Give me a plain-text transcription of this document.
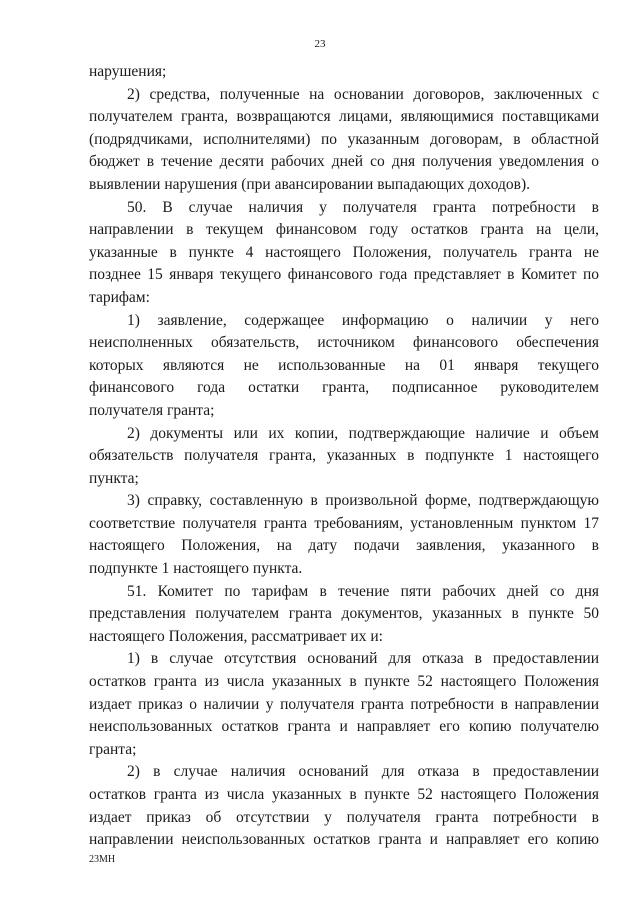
23
нарушения;
2) средства, полученные на основании договоров, заключенных с
получателем гранта, возвращаются лицами, являющимися поставщиками
(подрядчиками, исполнителями) по указанным договорам, в областной
бюджет в течение десяти рабочих дней со дня получения уведомления о
выявлении нарушения (при авансировании выпадающих доходов).
50. В случае наличия у получателя гранта потребности в
направлении в текущем финансовом году остатков гранта на цели,
указанные в пункте 4 настоящего Положения, получатель гранта не
позднее 15 января текущего финансового года представляет в Комитет по
тарифам:
1) заявление, содержащее информацию о наличии у него
неисполненных обязательств, источником финансового обеспечения
которых являются не использованные на 01 января текущего
финансового года остатки гранта, подписанное руководителем
получателя гранта;
2) документы или их копии, подтверждающие наличие и объем
обязательств получателя гранта, указанных в подпункте 1 настоящего
пункта;
3) справку, составленную в произвольной форме, подтверждающую
соответствие получателя гранта требованиям, установленным пунктом 17
настоящего Положения, на дату подачи заявления, указанного в
подпункте 1 настоящего пункта.
51. Комитет по тарифам в течение пяти рабочих дней со дня
представления получателем гранта документов, указанных в пункте 50
настоящего Положения, рассматривает их и:
1) в случае отсутствия оснований для отказа в предоставлении
остатков гранта из числа указанных в пункте 52 настоящего Положения
издает приказ о наличии у получателя гранта потребности в направлении
неиспользованных остатков гранта и направляет его копию получателю
гранта;
2) в случае наличия оснований для отказа в предоставлении
остатков гранта из числа указанных в пункте 52 настоящего Положения
издает приказ об отсутствии у получателя гранта потребности в
направлении неиспользованных остатков гранта и направляет его копию
23МН
